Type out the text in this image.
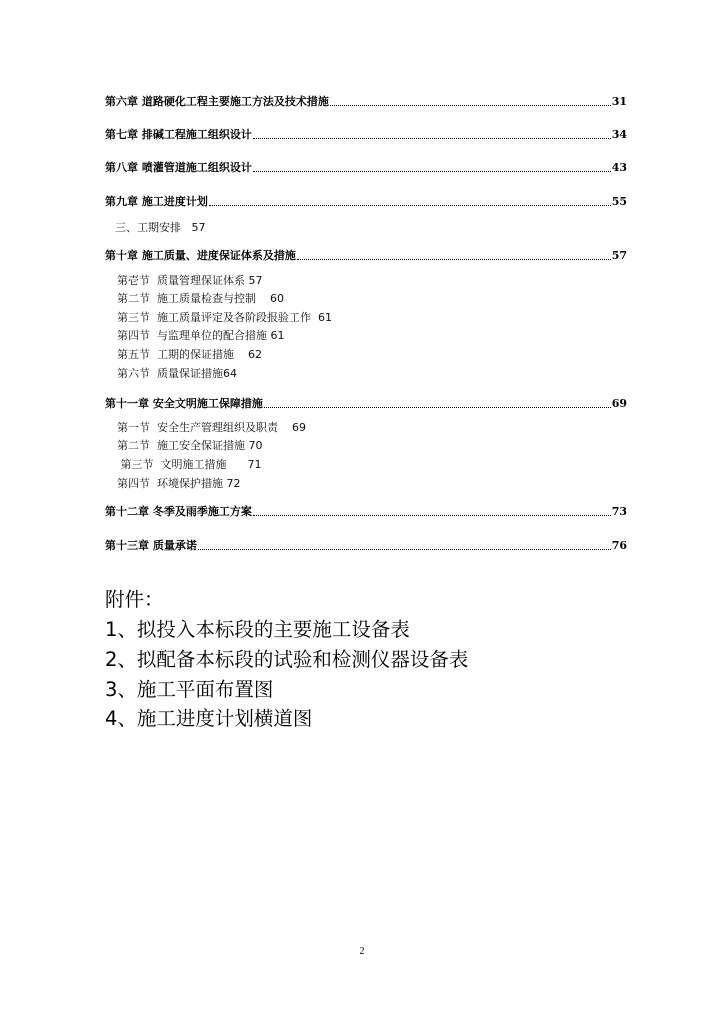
第六章 道路硬化工程主要施工方法及技术措施	31
第七章 排碱工程施工组织设计	34
第八章 喷灌管道施工组织设计	43
第九章 施工进度计划	55
三、工期安排   57
第十章 施工质量、进度保证体系及措施	57
第壱节  质量管理保证体系 57
第二节  施工质量检查与控制    60
第三节  施工质量评定及各阶段报验工作  61
第四节  与监理单位的配合措施 61
第五节  工期的保证措施    62
第六节  质量保证措施64
第十一章 安全文明施工保障措施	69
第一节  安全生产管理组织及职责    69
第二节  施工安全保证措施 70
第三节  文明施工措施      71
第四节  环境保护措施 72
第十二章 冬季及雨季施工方案	73
第十三章 质量承诺	76
附件：
1、拟投入本标段的主要施工设备表
2、拟配备本标段的试验和检测仪器设备表
3、施工平面布置图
4、施工进度计划横道图
2
